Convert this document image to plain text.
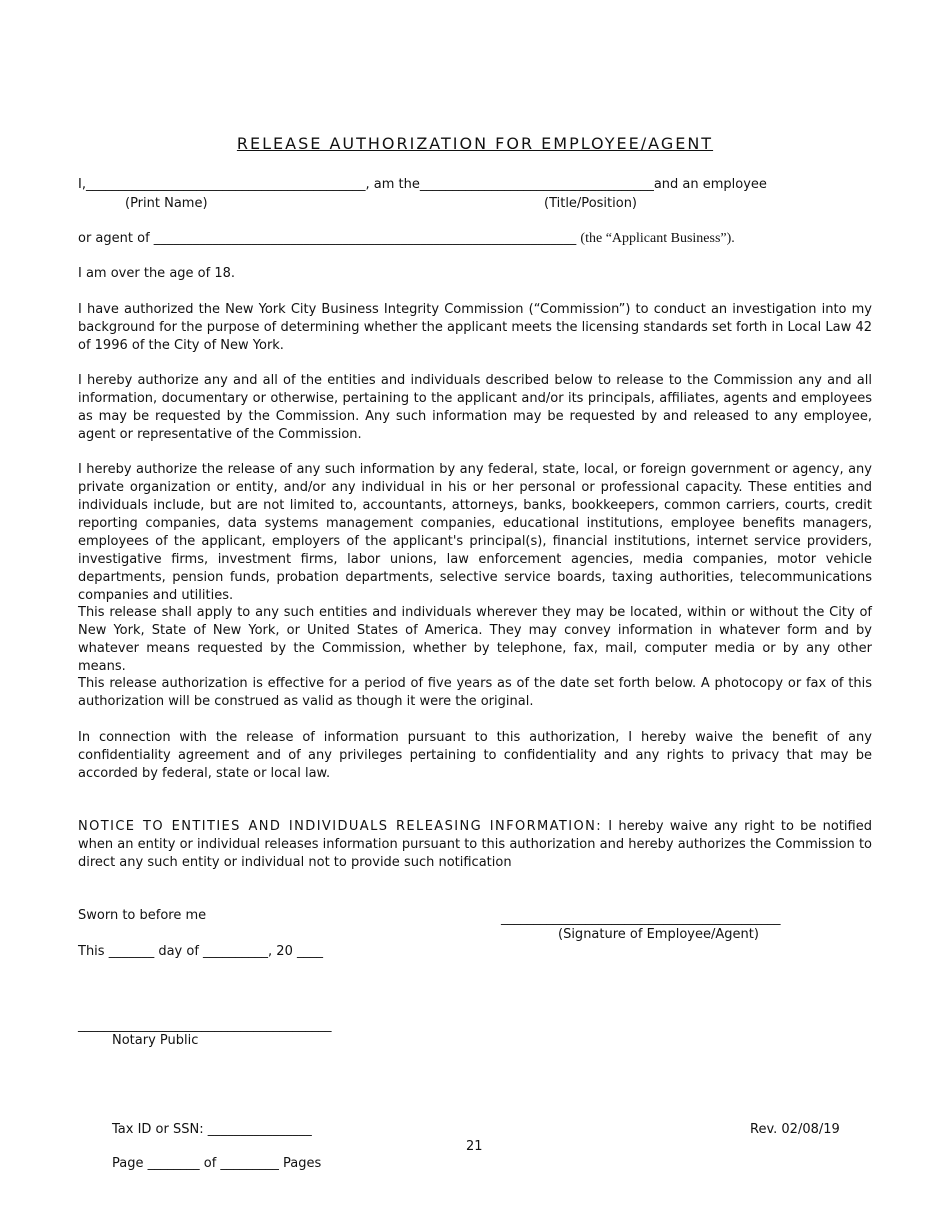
RELEASE AUTHORIZATION FOR EMPLOYEE/AGENT
I,___________________________________________, am the____________________________________and an employee
(Print Name)	(Title/Position)
or agent of _________________________________________________________________ (the “Applicant Business”).
I am over the age of 18.
I have authorized the New York City Business Integrity Commission (“Commission”) to conduct an investigation into my background for the purpose of determining whether the applicant meets the licensing standards set forth in Local Law 42 of 1996 of the City of New York.
I hereby authorize any and all of the entities and individuals described below to release to the Commission any and all information, documentary or otherwise, pertaining to the applicant and/or its principals, affiliates, agents and employees as may be requested by the Commission. Any such information may be requested by and released to any employee, agent or representative of the Commission.
I hereby authorize the release of any such information by any federal, state, local, or foreign government or agency, any private organization or entity, and/or any individual in his or her personal or professional capacity. These entities and individuals include, but are not limited to, accountants, attorneys, banks, bookkeepers, common carriers, courts, credit reporting companies, data systems management companies, educational institutions, employee benefits managers, employees of the applicant, employers of the applicant's principal(s), financial institutions, internet service providers, investigative firms, investment firms, labor unions, law enforcement agencies, media companies, motor vehicle departments, pension funds, probation departments, selective service boards, taxing authorities, telecommunications companies and utilities.
This release shall apply to any such entities and individuals wherever they may be located, within or without the City of New York, State of New York, or United States of America. They may convey information in whatever form and by whatever means requested by the Commission, whether by telephone, fax, mail, computer media or by any other means.
This release authorization is effective for a period of five years as of the date set forth below. A photocopy or fax of this authorization will be construed as valid as though it were the original.
In connection with the release of information pursuant to this authorization, I hereby waive the benefit of any confidentiality agreement and of any privileges pertaining to confidentiality and any rights to privacy that may be accorded by federal, state or local law.
NOTICE TO ENTITIES AND INDIVIDUALS RELEASING INFORMATION: I hereby waive any right to be notified when an entity or individual releases information pursuant to this authorization and hereby authorizes the Commission to direct any such entity or individual not to provide such notification
Sworn to before me
This _______ day of __________, 20 ____
___________________________________________
(Signature of Employee/Agent)
_______________________________________
Notary Public
Tax ID or SSN: ________________
21
Rev. 02/08/19
Page ________ of _________ Pages
